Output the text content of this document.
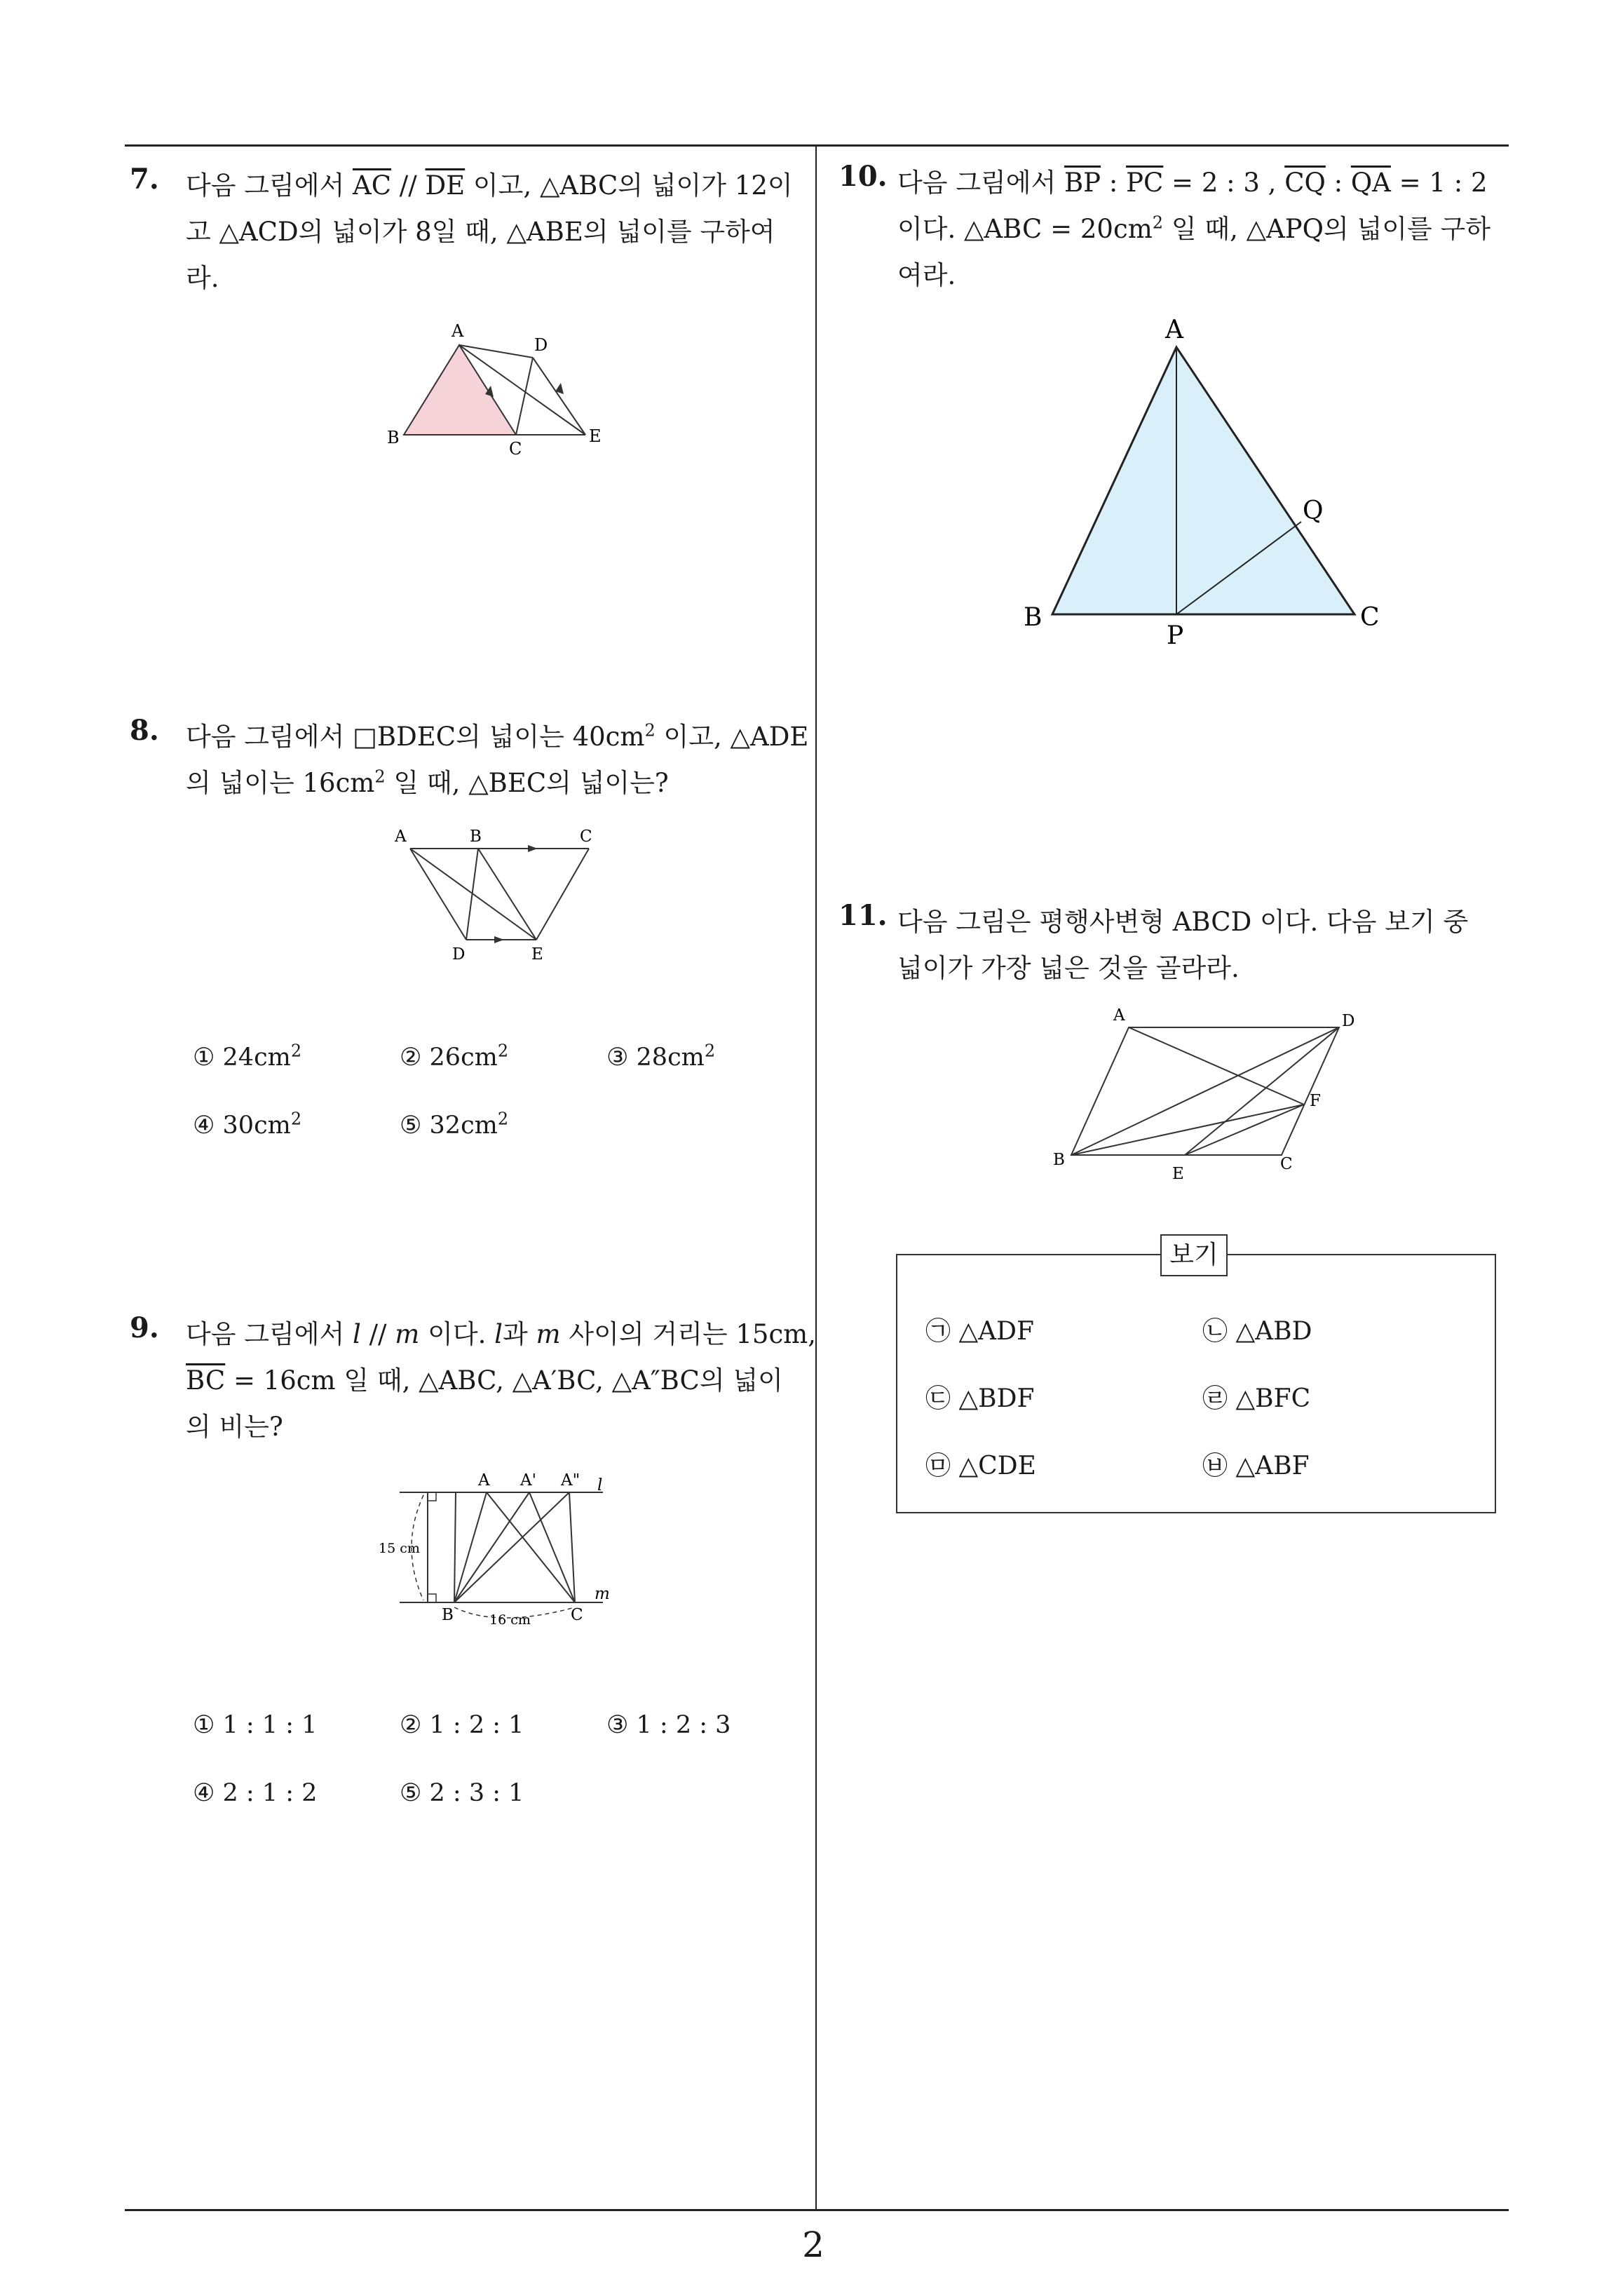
7. 다음 그림에서 $\overline{AC} // \overline{DE}$ 이고, △ABC의 넓이가 12이
고 △ACD의 넓이가 8일 때, △ABE의 넓이를 구하여
라.
A
D
B
C
E
8. 다음 그림에서 □BDEC의 넓이는 $40cm^2$ 이고, △ADE
의 넓이는 $16cm^2$ 일 때, △BEC의 넓이는?
A	B	C
D	E
① $24cm^2$	② $26cm^2$	③ $28cm^2$
④ $30cm^2$	⑤ $32cm^2$
9. 다음 그림에서 l // m 이다. l과 m 사이의 거리는 15cm,
$\overline{BC} = 16cm$ 일 때, △ABC, △A′BC, △A″BC의 넓이
의 비는?
A A' A" l
m
B	C
15 cm
16 cm
① 1 : 1 : 1	② 1 : 2 : 1	③ 1 : 2 : 3
④ 2 : 1 : 2	⑤ 2 : 3 : 1
10. 다음 그림에서 $\overline{BP}$ : $\overline{PC} = 2$ : 3 , $\overline{CQ}$ : $\overline{QA} = 1$ : 2
이다. △ABC = $20cm^2$ 일 때, △APQ의 넓이를 구하
여라.
A
B	C
P
Q
11. 다음 그림은 평행사변형 ABCD 이다. 다음 보기 중
넓이가 가장 넓은 것을 골라라.
A	D
F
B
E
C
보기
㉠ △ADF	㉡ △ABD
㉢ △BDF	㉣ △BFC
㉤ △CDE	㉥ △ABF
2
